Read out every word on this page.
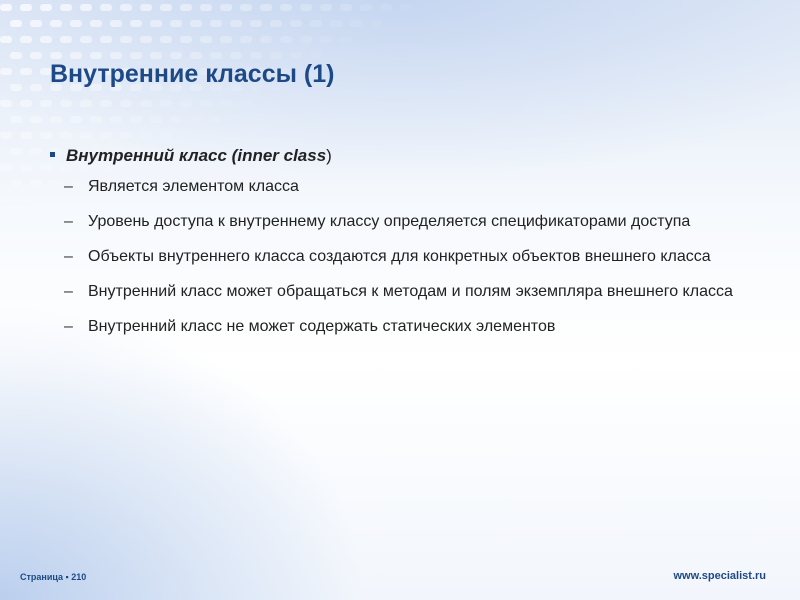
Внутренние классы (1)
Внутренний класс (inner class)
– Является элементом класса
– Уровень доступа к внутреннему классу определяется спецификаторами доступа
– Объекты внутреннего класса создаются для конкретных объектов внешнего класса
– Внутренний класс может обращаться к методам и полям экземпляра внешнего класса
– Внутренний класс не может содержать статических элементов
Страница ▪ 210	www.specialist.ru
